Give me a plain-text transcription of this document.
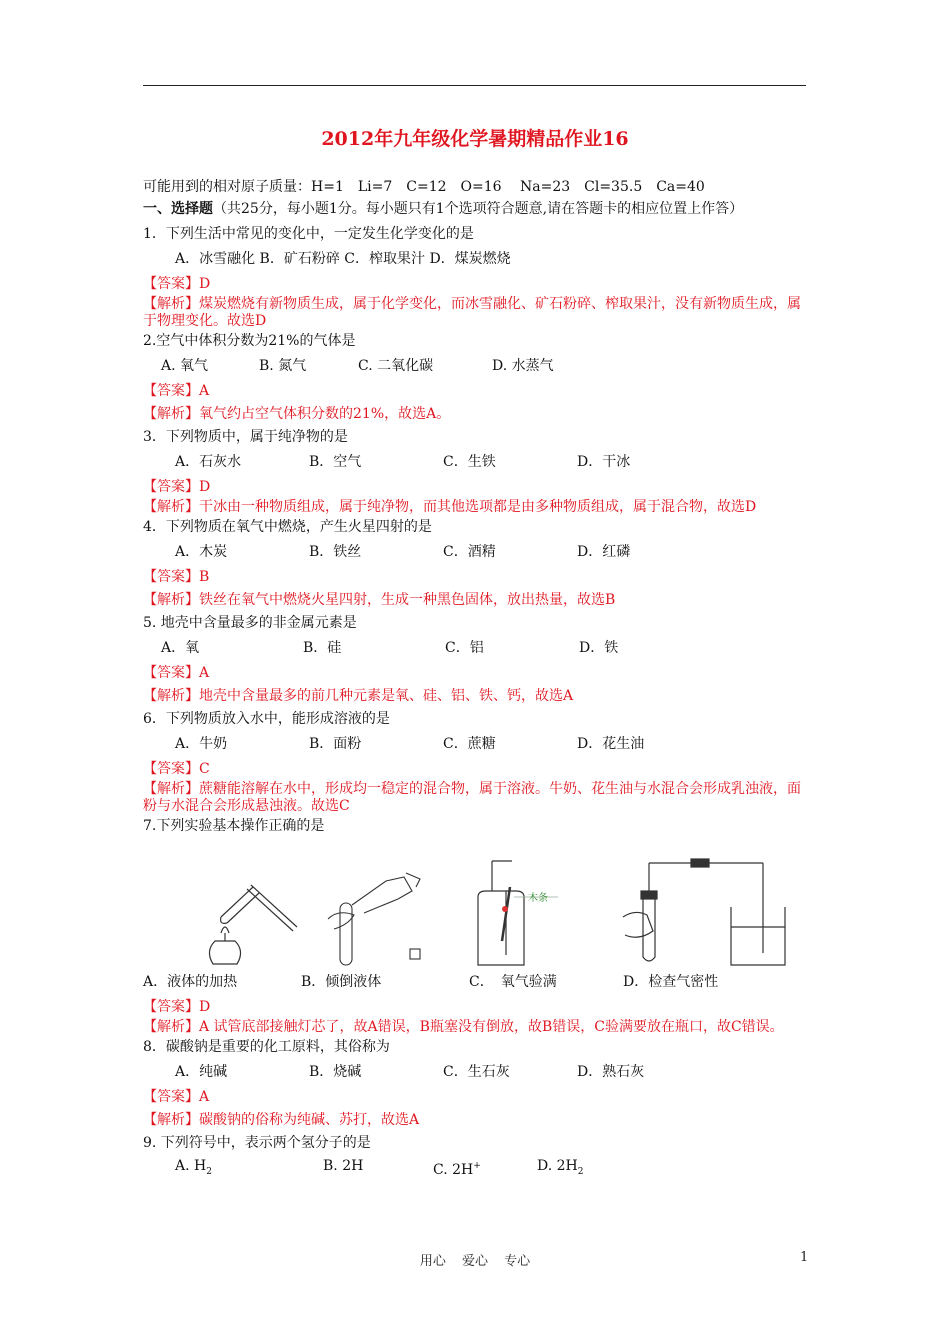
2012年九年级化学暑期精品作业16
可能用到的相对原子质量：H=1　Li=7　C=12　O=16　 Na=23　Cl=35.5　Ca=40
一、选择题（共25分，每小题1分。每小题只有1个选项符合题意,请在答题卡的相应位置上作答）
1．下列生活中常见的变化中，一定发生化学变化的是
A．冰雪融化 B．矿石粉碎 C．榨取果汁 D．煤炭燃烧
【答案】D
【解析】煤炭燃烧有新物质生成，属于化学变化，而冰雪融化、矿石粉碎、榨取果汁，没有新物质生成，属于物理变化。故选D
2.空气中体积分数为21%的气体是
A. 氧气	B. 氮气	C. 二氧化碳	D. 水蒸气
【答案】A
【解析】氧气约占空气体积分数的21%，故选A。
3．下列物质中，属于纯净物的是
A．石灰水	B．空气	C．生铁	D．干冰
【答案】D
【解析】干冰由一种物质组成，属于纯净物，而其他选项都是由多种物质组成，属于混合物，故选D
4．下列物质在氧气中燃烧，产生火星四射的是
A．木炭	B．铁丝	C．酒精	D．红磷
【答案】B
【解析】铁丝在氧气中燃烧火星四射，生成一种黑色固体，放出热量，故选B
5. 地壳中含量最多的非金属元素是
A．氧	B．硅	C．铝	D．铁
【答案】A
【解析】地壳中含量最多的前几种元素是氧、硅、铝、铁、钙，故选A
6．下列物质放入水中，能形成溶液的是
A．牛奶	B．面粉	C．蔗糖	D．花生油
【答案】C
【解析】蔗糖能溶解在水中，形成均一稳定的混合物，属于溶液。牛奶、花生油与水混合会形成乳浊液，面粉与水混合会形成悬浊液。故选C
7.下列实验基本操作正确的是
木条
A．液体的加热	B．倾倒液体	C．　氧气验满	D．检查气密性
【答案】D
【解析】A 试管底部接触灯芯了，故A错误，B瓶塞没有倒放，故B错误，C验满要放在瓶口，故C错误。
8．碳酸钠是重要的化工原料，其俗称为
A．纯碱	B．烧碱	C．生石灰	D．熟石灰
【答案】A
【解析】碳酸钠的俗称为纯碱、苏打，故选A
9. 下列符号中，表示两个氢分子的是
A. $H_2$	B. 2H	C. 2H+	D. $2H_2$
用心 爱心 专心	1
